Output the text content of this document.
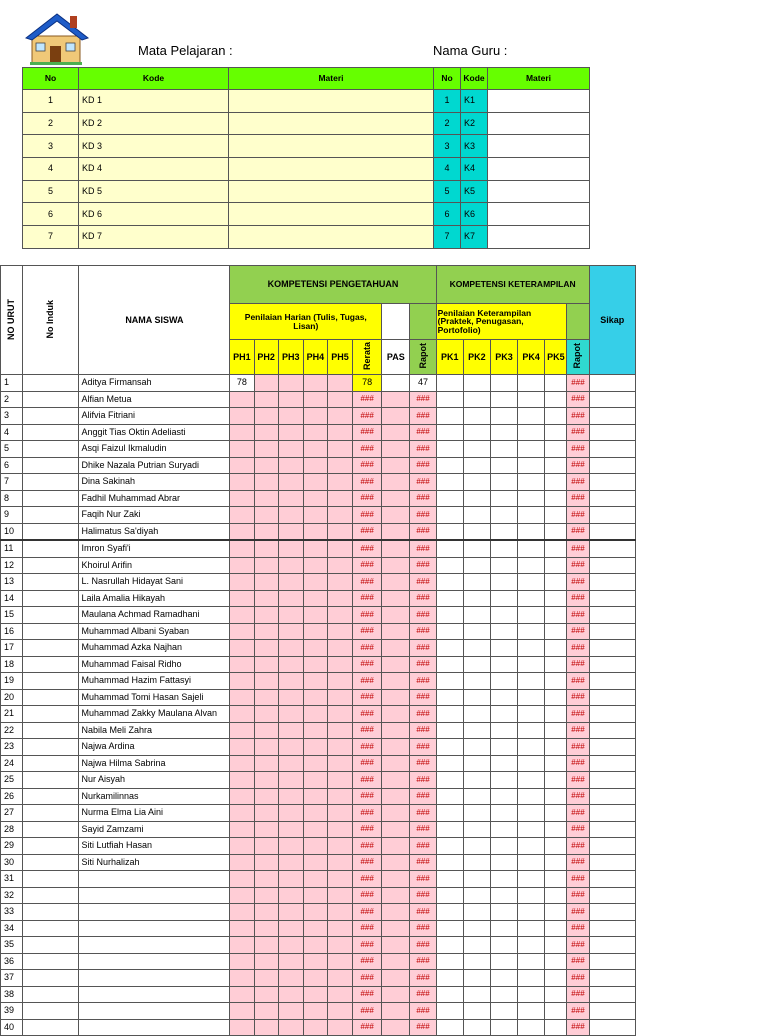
Mata Pelajaran :	Nama Guru :
No	Kode	Materi	No	Kode	Materi
1	KD 1		1	K1	
2	KD 2		2	K2	
3	KD 3		3	K3	
4	KD 4		4	K4	
5	KD 5		5	K5	
6	KD 6		6	K6	
7	KD 7		7	K7	
NO URUT	No Induk	NAMA SISWA	KOMPETENSI PENGETAHUAN								KOMPETENSI KETERAMPILAN						Sikap
			Penilaian Harian (Tulis, Tugas, Lisan)								Penilaian Keterampilan (Praktek, Penugasan, Portofolio)						
			PH1	PH2	PH3	PH4	PH5	Rerata	PAS	Rapot	PK1	PK2	PK3	PK4	PK5	Rapot	
1		Aditya Firmansah	78					78		47						###	
2		Alfian Metua						###		###						###	
3		Alifvia Fitriani						###		###						###	
4		Anggit Tias Oktin Adeliasti						###		###						###	
5		Asqi Faizul Ikmaludin						###		###						###	
6		Dhike Nazala Putrian Suryadi						###		###						###	
7		Dina Sakinah						###		###						###	
8		Fadhil Muhammad Abrar						###		###						###	
9		Faqih Nur Zaki						###		###						###	
10		Halimatus Sa'diyah						###		###						###	
11		Imron Syafi'i						###		###						###	
12		Khoirul Arifin						###		###						###	
13		L. Nasrullah Hidayat Sani						###		###						###	
14		Laila Amalia Hikayah						###		###						###	
15		Maulana Achmad Ramadhani						###		###						###	
16		Muhammad Albani Syaban						###		###						###	
17		Muhammad Azka Najhan						###		###						###	
18		Muhammad Faisal Ridho						###		###						###	
19		Muhammad Hazim Fattasyi						###		###						###	
20		Muhammad Tomi Hasan Sajeli						###		###						###	
21		Muhammad Zakky Maulana Alvan						###		###						###	
22		Nabila Meli Zahra						###		###						###	
23		Najwa Ardina						###		###						###	
24		Najwa Hilma Sabrina						###		###						###	
25		Nur Aisyah						###		###						###	
26		Nurkamilinnas						###		###						###	
27		Nurma Elma Lia Aini						###		###						###	
28		Sayid Zamzami						###		###						###	
29		Siti Lutfiah Hasan						###		###						###	
30		Siti Nurhalizah						###		###						###	
31								###		###						###	
32								###		###						###	
33								###		###						###	
34								###		###						###	
35								###		###						###	
36								###		###						###	
37								###		###						###	
38								###		###						###	
39								###		###						###	
40								###		###						###	
